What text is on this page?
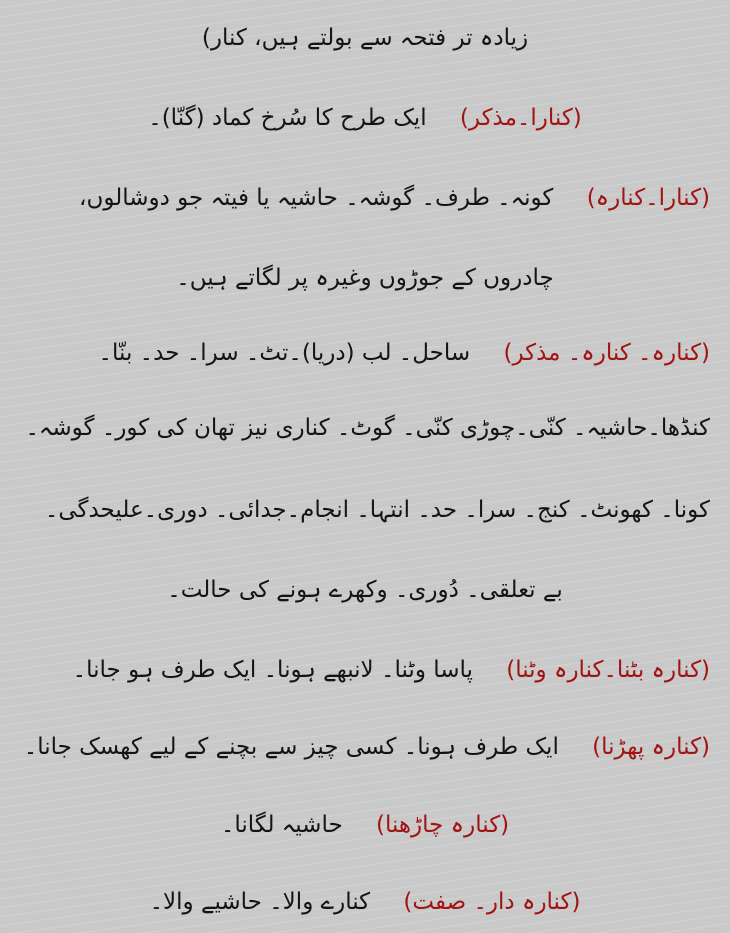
زیادہ تر فتحہ سے بولتے ہیں، کنار)
(کنارا۔مذکر) ایک طرح کا سُرخ کماد (گنّا)۔
(کنارا۔کنارہ) کونہ۔ طرف۔ گوشہ۔ حاشیہ یا فیتہ جو دوشالوں،
چادروں کے جوڑوں وغیرہ پر لگاتے ہیں۔
(کنارہ۔ کنارہ۔ مذکر) ساحل۔ لب (دریا)۔تٹ۔ سرا۔ حد۔ بنّا۔
کنڈھا۔حاشیہ۔ کنّی۔چوڑی کنّی۔ گوٹ۔ کناری نیز تھان کی کور۔ گوشہ۔
کونا۔ کھونٹ۔ کنج۔ سرا۔ حد۔ انتہا۔ انجام۔جدائی۔ دوری۔علیحدگی۔
بے تعلقی۔ دُوری۔ وکھرے ہونے کی حالت۔
(کنارہ بٹنا۔کنارہ وٹنا) پاسا وٹنا۔ لانبھے ہونا۔ ایک طرف ہو جانا۔
(کنارہ پھڑنا) ایک طرف ہونا۔ کسی چیز سے بچنے کے لیے کھسک جانا۔
(کنارہ چاڑھنا) حاشیہ لگانا۔
(کنارہ دار۔ صفت) کنارے والا۔ حاشیے والا۔
